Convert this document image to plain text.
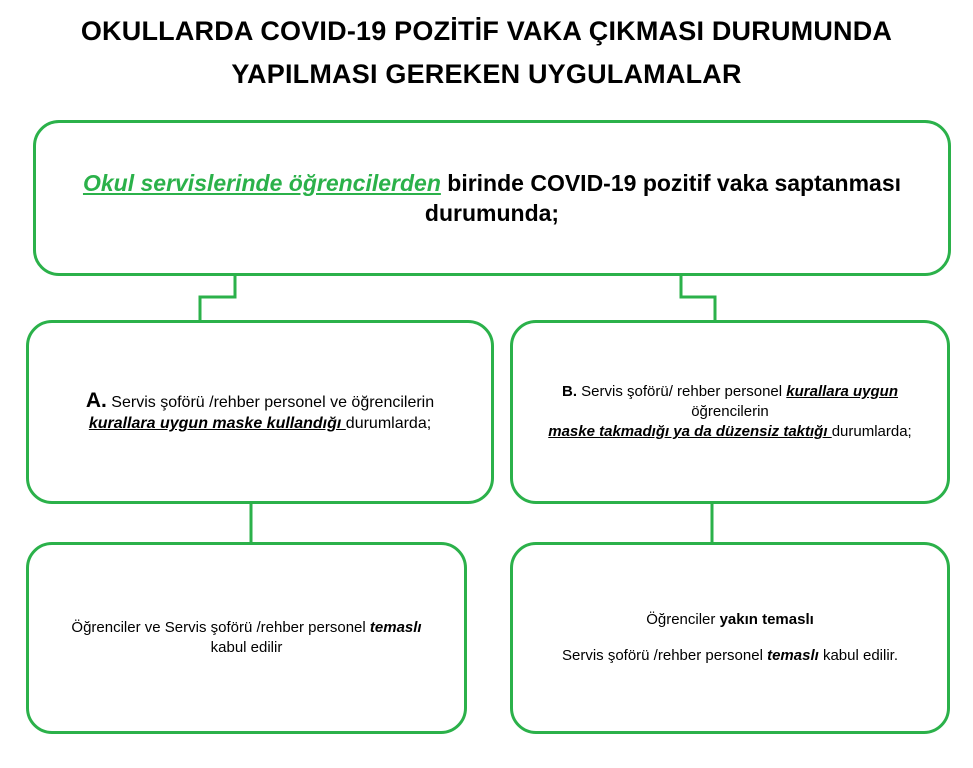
OKULLARDA COVID-19 POZİTİF VAKA ÇIKMASI DURUMUNDA
YAPILMASI GEREKEN UYGULAMALAR
Okul servislerinde öğrencilerden birinde COVID-19 pozitif vaka saptanması
durumunda;
A. Servis şoförü /rehber personel ve öğrencilerin
kurallara uygun maske kullandığı durumlarda;
B. Servis şoförü/ rehber personel kurallara uygun
öğrencilerin
maske takmadığı ya da düzensiz taktığı durumlarda;
Öğrenciler ve Servis şoförü /rehber personel temaslı
kabul edilir
Öğrenciler yakın temaslı
Servis şoförü /rehber personel temaslı kabul edilir.
